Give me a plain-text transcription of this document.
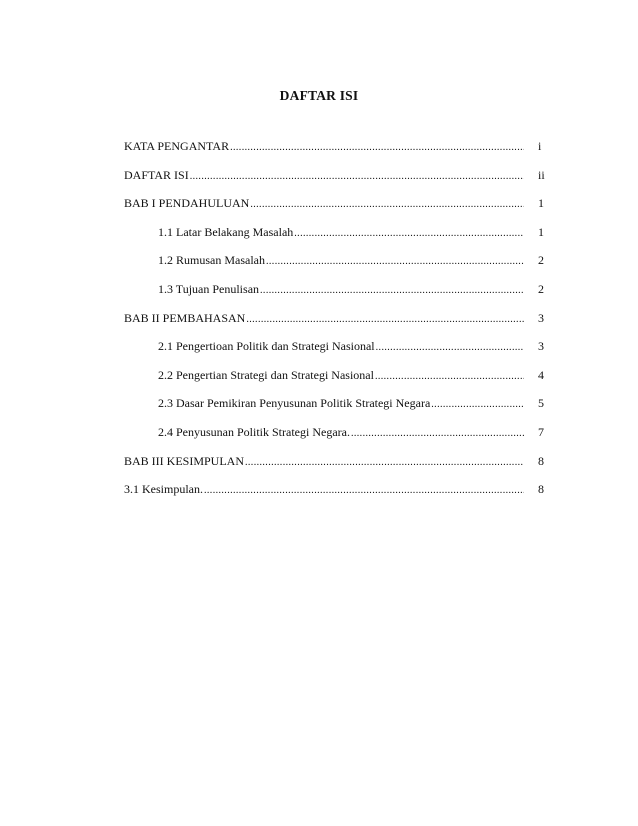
DAFTAR ISI
KATA PENGANTAR .....	i
DAFTAR ISI .....	ii
BAB I PENDAHULUAN .....	1
1.1 Latar Belakang Masalah .....	1
1.2 Rumusan Masalah .....	2
1.3 Tujuan Penulisan .....	2
BAB II PEMBAHASAN .....	3
2.1 Pengertioan Politik dan Strategi Nasional .....	3
2.2 Pengertian Strategi dan Strategi Nasional .....	4
2.3 Dasar Pemikiran Penyusunan Politik Strategi Negara .....	5
2.4 Penyusunan Politik Strategi Negara. .....	7
BAB III KESIMPULAN .....	8
3.1 Kesimpulan. .....	8
